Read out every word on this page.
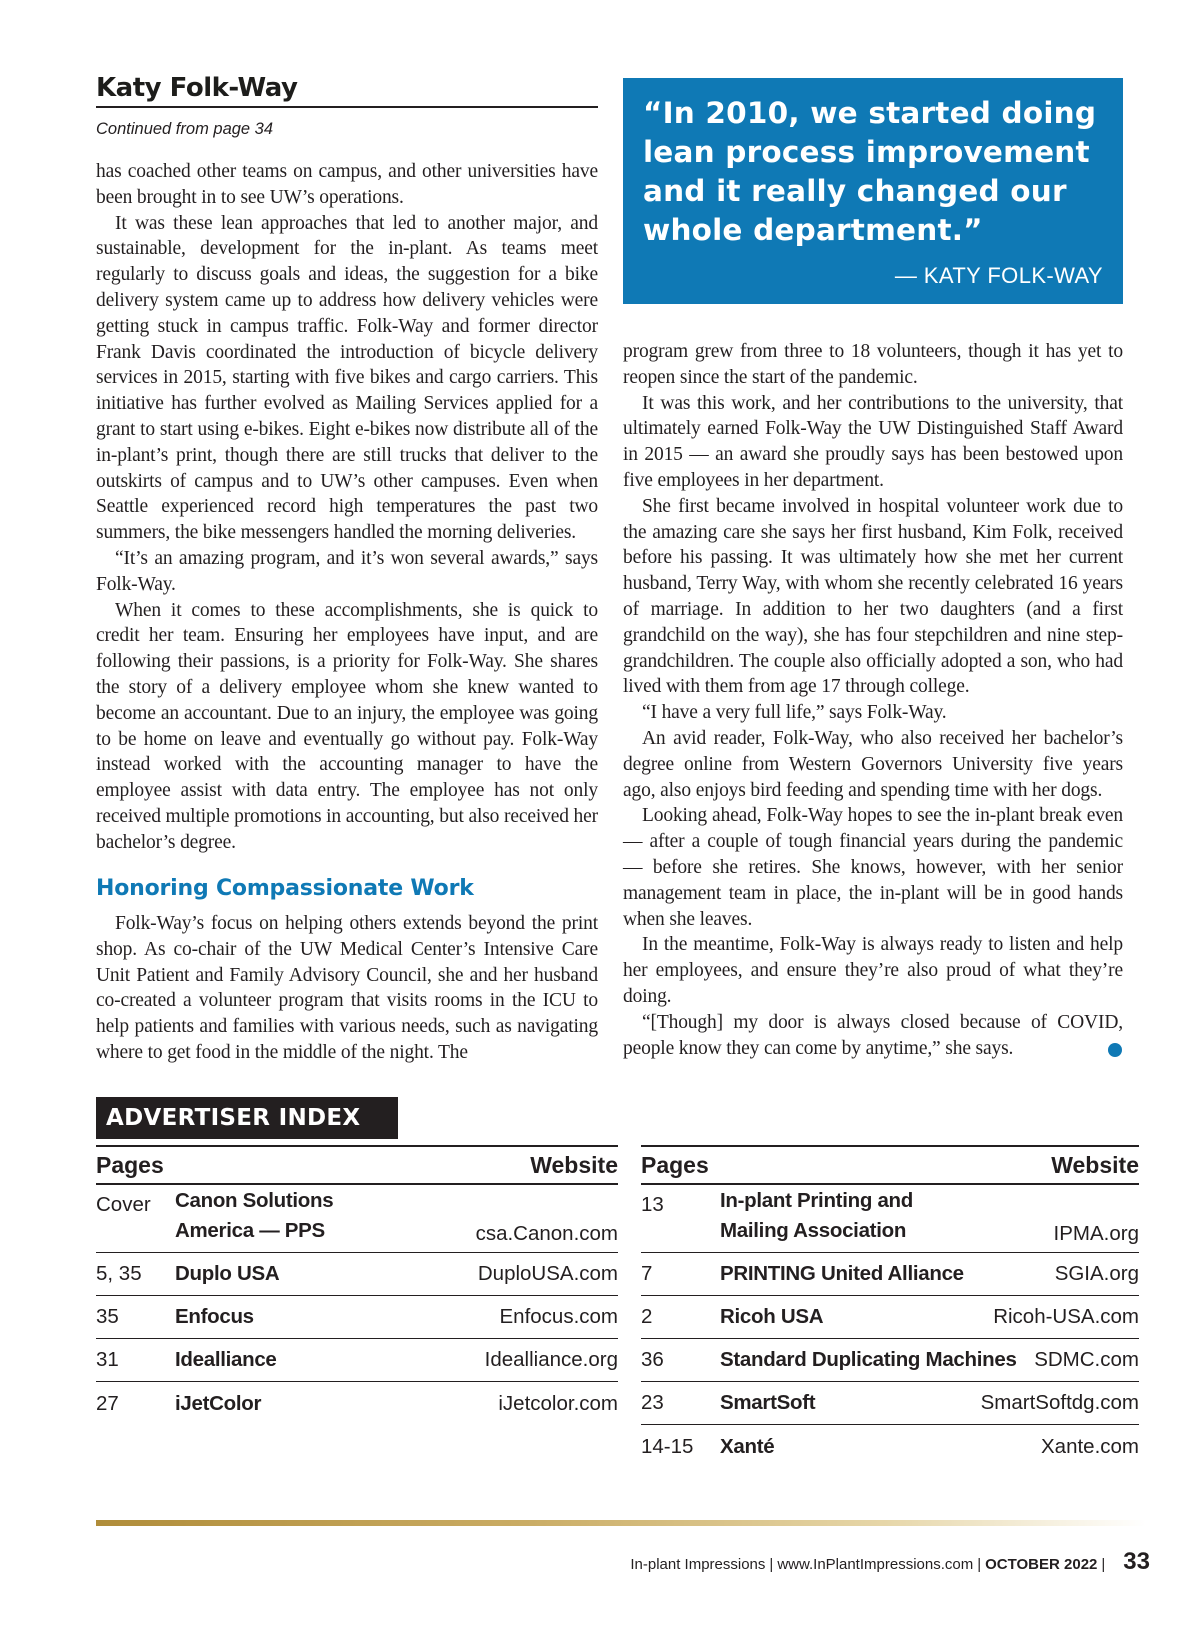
Katy Folk-Way
Continued from page 34	“In 2010, we started doing lean process improvement and it really changed our whole department.”

— KATY FOLK-WAY

has coached other teams on campus, and other universities have been brought in to see UW’s operations.

It was these lean approaches that led to another major, and sustainable, development for the in-plant. As teams meet regularly to discuss goals and ideas, the suggestion for a bike delivery system came up to address how delivery vehicles were getting stuck in campus traffic. Folk-Way and former director Frank Davis coordinated the introduction of bicycle delivery services in 2015, starting with five bikes and cargo carriers. This initiative has further evolved as Mailing Services applied for a grant to start using e-bikes. Eight e-bikes now distribute all of the in-plant’s print, though there are still trucks that deliver to the outskirts of campus and to UW’s other campuses. Even when Seattle experienced record high temperatures the past two summers, the bike messengers handled the morning deliveries.

“It’s an amazing program, and it’s won several awards,” says Folk-Way.

When it comes to these accomplishments, she is quick to credit her team. Ensuring her employees have input, and are following their passions, is a priority for Folk-Way. She shares the story of a delivery employee whom she knew wanted to become an accountant. Due to an injury, the employee was going to be home on leave and eventually go without pay. Folk-Way instead worked with the accounting manager to have the employee assist with data entry. The employee has not only received multiple promotions in accounting, but also received her bachelor’s degree.

Honoring Compassionate Work

Folk-Way’s focus on helping others extends beyond the print shop. As co-chair of the UW Medical Center’s Intensive Care Unit Patient and Family Advisory Council, she and her husband co-created a volunteer program that visits rooms in the ICU to help patients and families with various needs, such as navigating where to get food in the middle of the night. The

program grew from three to 18 volunteers, though it has yet to reopen since the start of the pandemic.

It was this work, and her contributions to the university, that ultimately earned Folk-Way the UW Distinguished Staff Award in 2015 — an award she proudly says has been bestowed upon five employees in her department.

She first became involved in hospital volunteer work due to the amazing care she says her first husband, Kim Folk, received before his passing. It was ultimately how she met her current husband, Terry Way, with whom she recently celebrated 16 years of marriage. In addition to her two daughters (and a first grandchild on the way), she has four stepchildren and nine step-grandchildren. The couple also officially adopted a son, who had lived with them from age 17 through college.

“I have a very full life,” says Folk-Way.

An avid reader, Folk-Way, who also received her bachelor’s degree online from Western Governors University five years ago, also enjoys bird feeding and spending time with her dogs.

Looking ahead, Folk-Way hopes to see the in-plant break even — after a couple of tough financial years during the pandemic — before she retires. She knows, however, with her senior management team in place, the in-plant will be in good hands when she leaves.

In the meantime, Folk-Way is always ready to listen and help her employees, and ensure they’re also proud of what they’re doing.

“[Though] my door is always closed because of COVID, people know they can come by anytime,” she says.

ADVERTISER INDEX
Pages	Website
Cover	Canon Solutions
America — PPS	csa.Canon.com
5, 35	Duplo USA	DuploUSA.com
35	Enfocus	Enfocus.com
31	Idealliance	Idealliance.org
27	iJetColor	iJetcolor.com
Pages	Website
13	In-plant Printing and
Mailing Association	IPMA.org
7	PRINTING United Alliance	SGIA.org
2	Ricoh USA	Ricoh-USA.com
36	Standard Duplicating Machines SDMC.com
23	SmartSoft	SmartSoftdg.com
14-15	Xanté	Xante.com
In-plant Impressions | www.InPlantImpressions.com | OCTOBER 2022 | 33
